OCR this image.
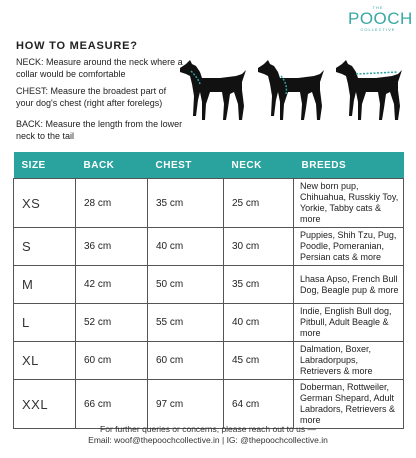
THE
POOCH
COLLECTIVE
HOW TO MEASURE?
NECK: Measure around the neck where a collar would be comfortable
CHEST: Measure the broadest part of your dog's chest (right after forelegs)
BACK: Measure the length from the lower neck to the tail
SIZE	BACK	CHEST	NECK	BREEDS
XS	28 cm	35 cm	25 cm	New born pup, Chihuahua, Russkiy Toy, Yorkie, Tabby cats & more
S	36 cm	40 cm	30 cm	Puppies, Shih Tzu, Pug, Poodle, Pomeranian, Persian cats & more
M	42 cm	50 cm	35 cm	Lhasa Apso, French Bull Dog, Beagle pup & more
L	52 cm	55 cm	40 cm	Indie, English Bull dog, Pitbull, Adult Beagle & more
XL	60 cm	60 cm	45 cm	Dalmation, Boxer, Labradorpups, Retrievers & more
XXL	66 cm	97 cm	64 cm	Doberman, Rottweiler, German Shepard, Adult Labradors, Retrievers & more
For further queries or concerns, please reach out to us —
Email: woof@thepoochcollective.in | IG: @thepoochcollective.in
